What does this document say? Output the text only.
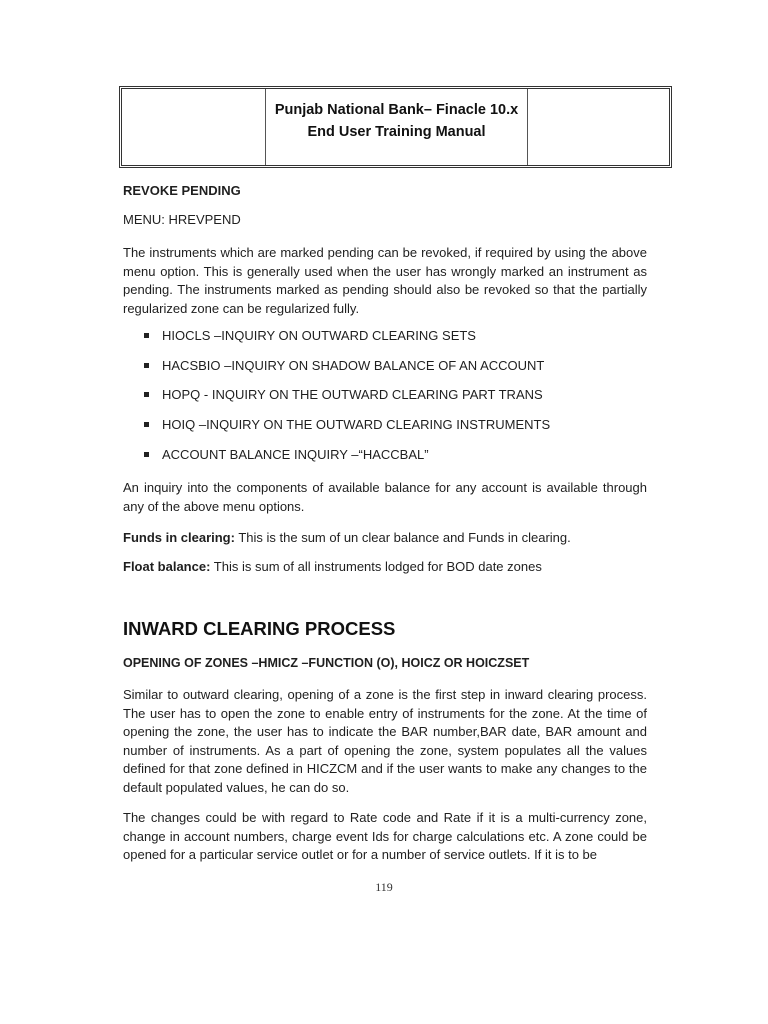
Punjab National Bank– Finacle 10.x
End User Training Manual
REVOKE PENDING
MENU: HREVPEND
The instruments which are marked pending can be revoked, if required by using the above menu option. This is generally used when the user has wrongly marked an instrument as pending. The instruments marked as pending should also be revoked so that the partially regularized zone can be regularized fully.
HIOCLS –INQUIRY ON OUTWARD CLEARING SETS
HACSBIO –INQUIRY ON SHADOW BALANCE OF AN ACCOUNT
HOPQ - INQUIRY ON THE OUTWARD CLEARING PART TRANS
HOIQ –INQUIRY ON THE OUTWARD CLEARING INSTRUMENTS
ACCOUNT BALANCE INQUIRY –“HACCBAL”
An inquiry into the components of available balance for any account is available through any of the above menu options.
Funds in clearing: This is the sum of un clear balance and Funds in clearing.
Float balance: This is sum of all instruments lodged for BOD date zones
INWARD CLEARING PROCESS
OPENING OF ZONES –HMICZ –FUNCTION (O), HOICZ OR HOICZSET
Similar to outward clearing, opening of a zone is the first step in inward clearing process. The user has to open the zone to enable entry of instruments for the zone. At the time of opening the zone, the user has to indicate the BAR number,BAR date, BAR amount and number of instruments. As a part of opening the zone, system populates all the values defined for that zone defined in HICZCM and if the user wants to make any changes to the default populated values, he can do so.
The changes could be with regard to Rate code and Rate if it is a multi-currency zone, change in account numbers, charge event Ids for charge calculations etc. A zone could be opened for a particular service outlet or for a number of service outlets. If it is to be
119
